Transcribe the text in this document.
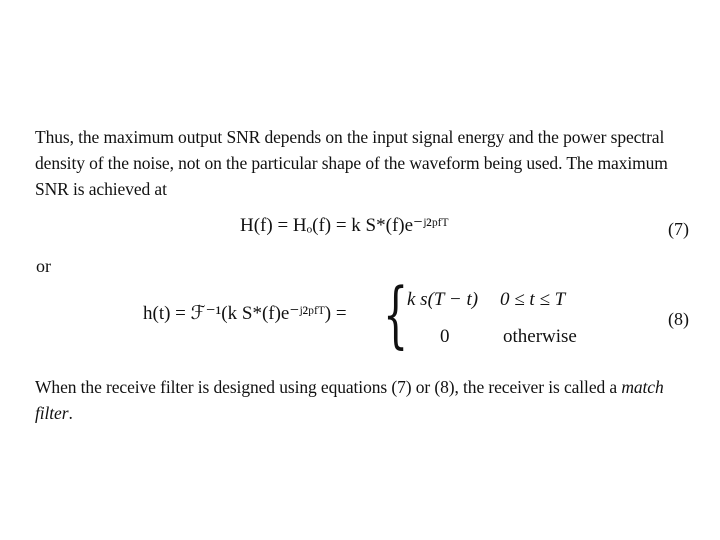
Thus, the maximum output SNR depends on the input signal energy and the power spectral density of the noise, not on the particular shape of the waveform being used. The maximum SNR is achieved at
H(f) = Hₒ(f) = k S*(f)e⁻ʲ²ᵖᶠᵀ	(7)
or
h(t) = ℱ⁻¹(k S*(f)e⁻ʲ²ᵖᶠᵀ) = {
k s(T − t) 0 ≤ t ≤ T
0	otherwise
(8)
When the receive filter is designed using equations (7) or (8), the receiver is called a match filter.
